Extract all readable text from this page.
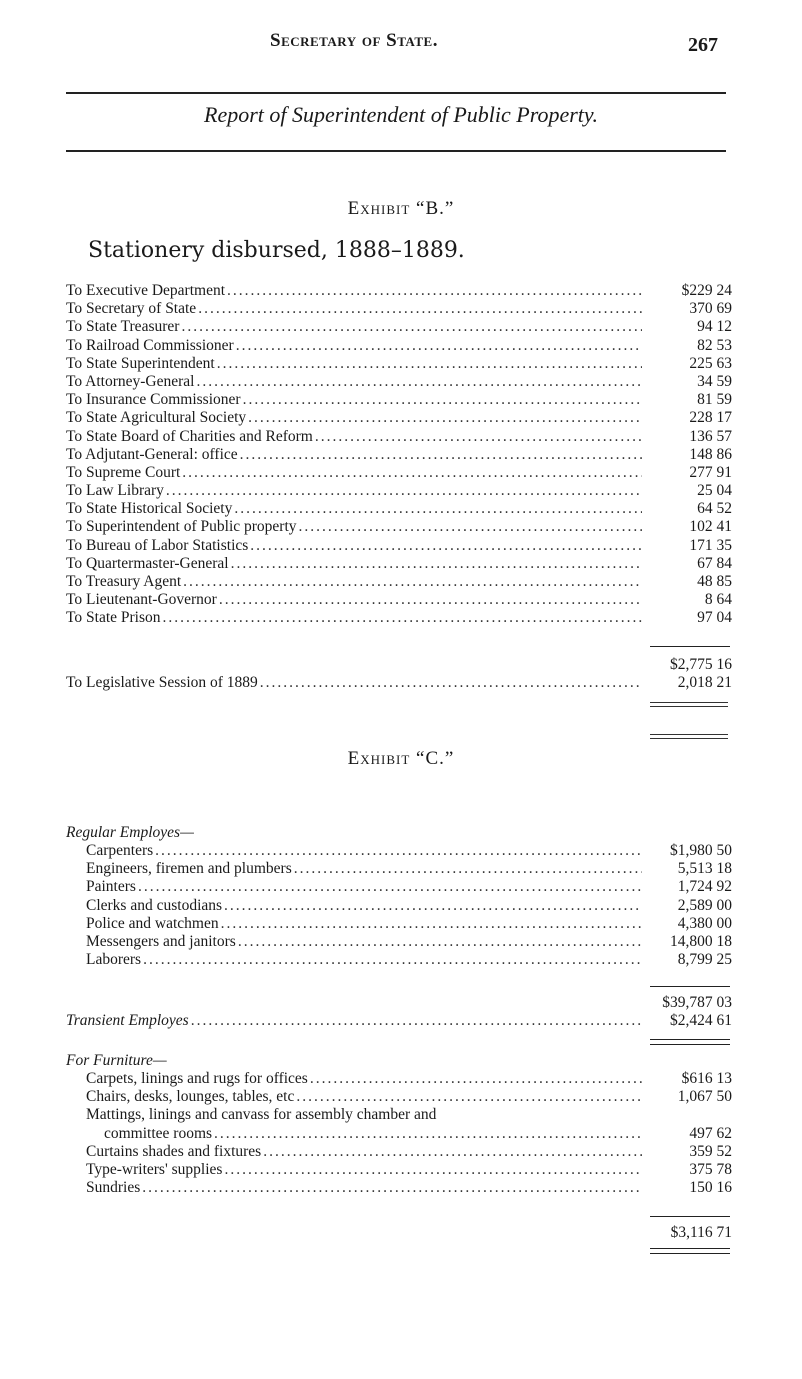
Secretary of State.	267
Report of Superintendent of Public Property.
Exhibit “B.”
Stationery disbursed, 1888–1889.
To Executive Department .....	$229 24
To Secretary of State .....	370 69
To State Treasurer .....	94 12
To Railroad Commissioner .....	82 53
To State Superintendent .....	225 63
To Attorney-General .....	34 59
To Insurance Commissioner .....	81 59
To State Agricultural Society .....	228 17
To State Board of Charities and Reform .....	136 57
To Adjutant-General: office .....	148 86
To Supreme Court .....	277 91
To Law Library .....	25 04
To State Historical Society .....	64 52
To Superintendent of Public property .....	102 41
To Bureau of Labor Statistics .....	171 35
To Quartermaster-General .....	67 84
To Treasury Agent .....	48 85
To Lieutenant-Governor .....	8 64
To State Prison .....	97 04
$2,775 16
To Legislative Session of 1889 .....	2,018 21
Exhibit “C.”
Regular Employes—
Carpenters .....	$1,980 50
Engineers, firemen and plumbers .....	5,513 18
Painters .....	1,724 92
Clerks and custodians .....	2,589 00
Police and watchmen .....	4,380 00
Messengers and janitors .....	14,800 18
Laborers .....	8,799 25
$39,787 03
Transient Employes .....	$2,424 61
For Furniture—
Carpets, linings and rugs for offices .....	$616 13
Chairs, desks, lounges, tables, etc .....	1,067 50
Mattings, linings and canvass for assembly chamber and
committee rooms .....	497 62
Curtains shades and fixtures .....	359 52
Type-writers' supplies .....	375 78
Sundries .....	150 16
$3,116 71
